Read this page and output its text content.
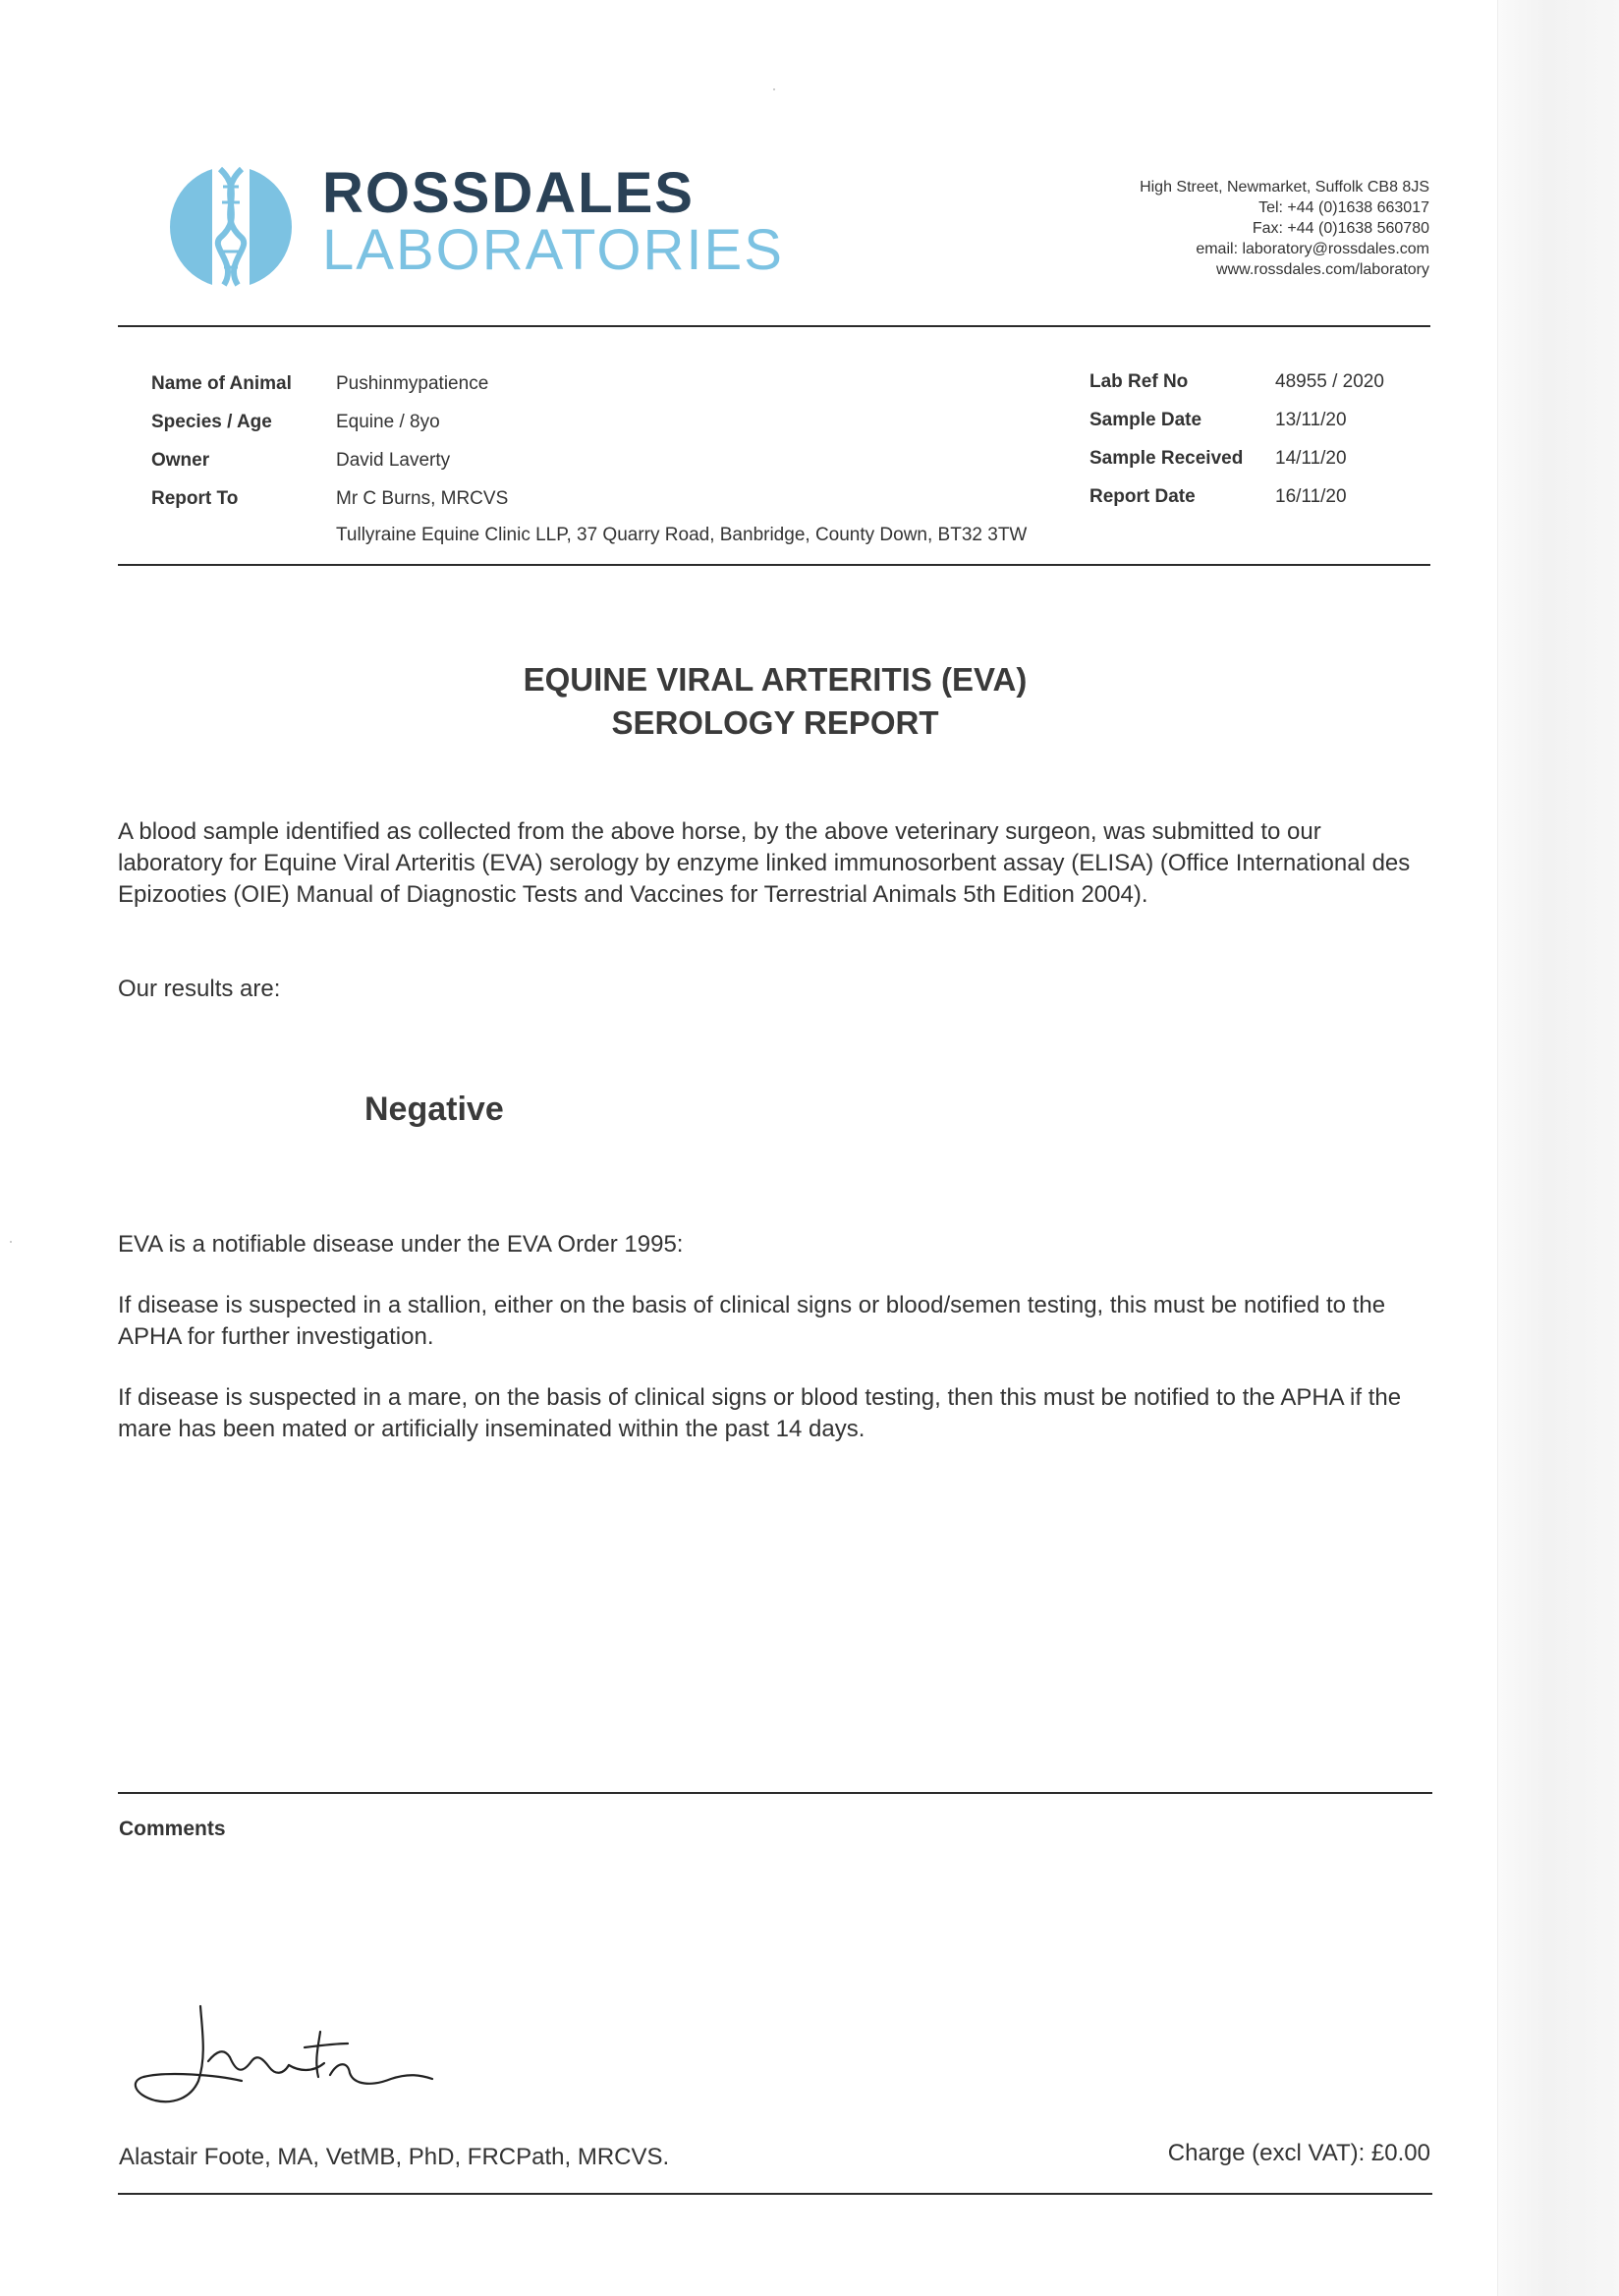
ROSSDALES
LABORATORIES
High Street, Newmarket, Suffolk CB8 8JS
Tel: +44 (0)1638 663017
Fax: +44 (0)1638 560780
email: laboratory@rossdales.com
www.rossdales.com/laboratory
Name of Animal Pushinmypatience
Species / Age	Equine / 8yo
Owner	David Laverty
Report To	Mr C Burns, MRCVS
Tullyraine Equine Clinic LLP, 37 Quarry Road, Banbridge, County Down, BT32 3TW
Lab Ref No	48955 / 2020
Sample Date	13/11/20
Sample Received 14/11/20
Report Date	16/11/20
EQUINE VIRAL ARTERITIS (EVA)
SEROLOGY REPORT
A blood sample identified as collected from the above horse, by the above veterinary surgeon, was submitted to our laboratory for Equine Viral Arteritis (EVA) serology by enzyme linked immunosorbent assay (ELISA) (Office International des Epizooties (OIE) Manual of Diagnostic Tests and Vaccines for Terrestrial Animals 5th Edition 2004).
Our results are:
Negative
EVA is a notifiable disease under the EVA Order 1995:
If disease is suspected in a stallion, either on the basis of clinical signs or blood/semen testing, this must be notified to the APHA for further investigation.
If disease is suspected in a mare, on the basis of clinical signs or blood testing, then this must be notified to the APHA if the mare has been mated or artificially inseminated within the past 14 days.
Comments
Alastair Foote, MA, VetMB, PhD, FRCPath, MRCVS.	Charge (excl VAT): £0.00
